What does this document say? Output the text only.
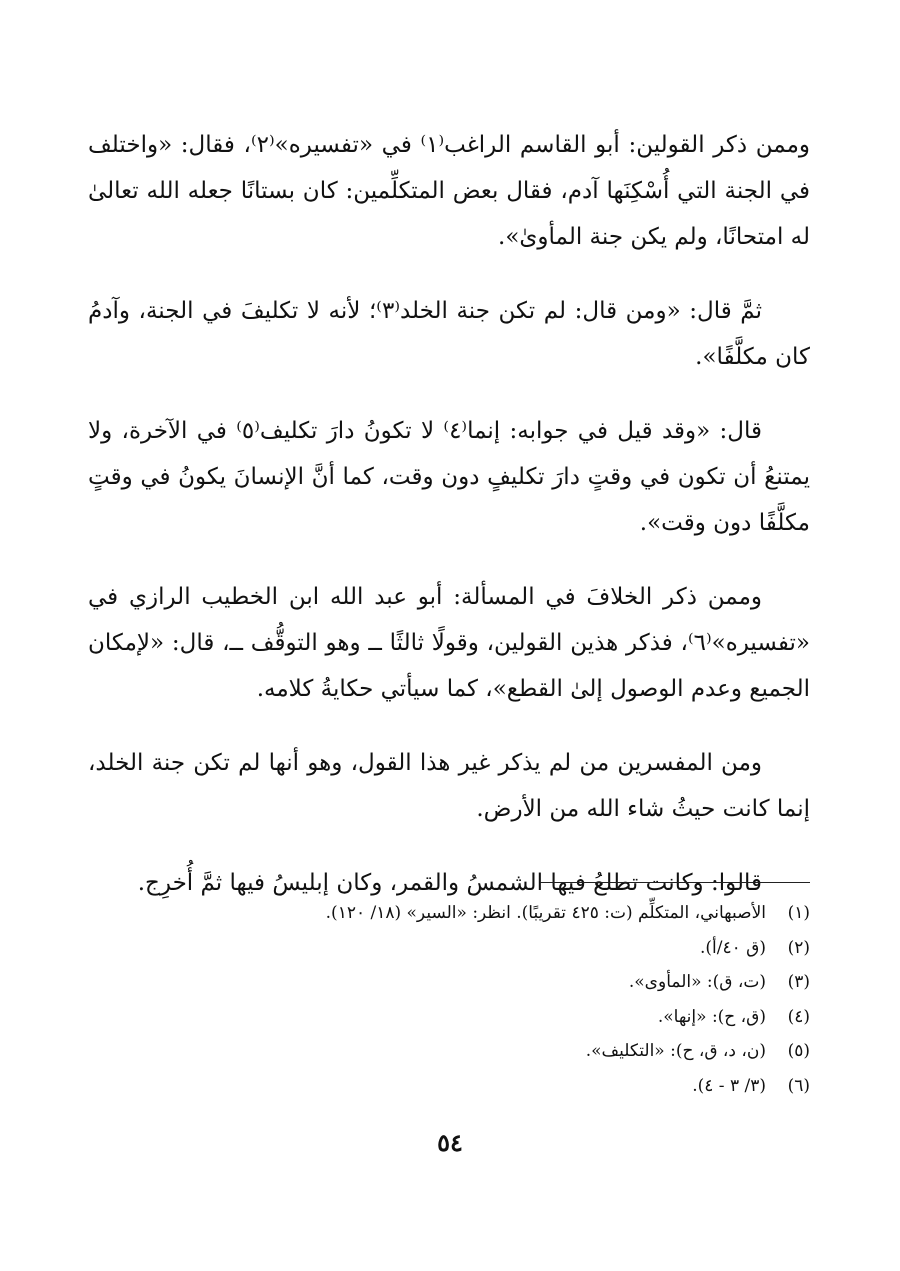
وممن ذكر القولين: أبو القاسم الراغب⁽١⁾ في «تفسيره»⁽٢⁾، فقال: «واختلف في الجنة التي أُسْكِنَها آدم، فقال بعض المتكلِّمين: كان بستانًا جعله الله تعالىٰ له امتحانًا، ولم يكن جنة المأوىٰ».

ثمَّ قال: «ومن قال: لم تكن جنة الخلد⁽٣⁾؛ لأنه لا تكليفَ في الجنة، وآدمُ كان مكلَّفًا».

قال: «وقد قيل في جوابه: إنما⁽٤⁾ لا تكونُ دارَ تكليف⁽٥⁾ في الآخرة، ولا يمتنعُ أن تكون في وقتٍ دارَ تكليفٍ دون وقت، كما أنَّ الإنسانَ يكونُ في وقتٍ مكلَّفًا دون وقت».

وممن ذكر الخلافَ في المسألة: أبو عبد الله ابن الخطيب الرازي في «تفسيره»⁽٦⁾، فذكر هذين القولين، وقولًا ثالثًا ــ وهو التوقُّف ــ، قال: «لإمكان الجميع وعدم الوصول إلىٰ القطع»، كما سيأتي حكايةُ كلامه.

ومن المفسرين من لم يذكر غير هذا القول، وهو أنها لم تكن جنة الخلد، إنما كانت حيثُ شاء الله من الأرض.

قالوا: وكانت تطلعُ فيها الشمسُ والقمر، وكان إبليسُ فيها ثمَّ أُخرِج.

(١)
الأصبهاني، المتكلِّم (ت: ٤٢٥ تقريبًا). انظر: «السير» (١٨/ ١٢٠).
(٢)
(ق ٤٠/أ).
(٣)
(ت، ق): «المأوى».
(٤)
(ق، ح): «إنها».
(٥)
(ن، د، ق، ح): «التكليف».
(٦)
(٣/ ٣ - ٤).
٥٤
